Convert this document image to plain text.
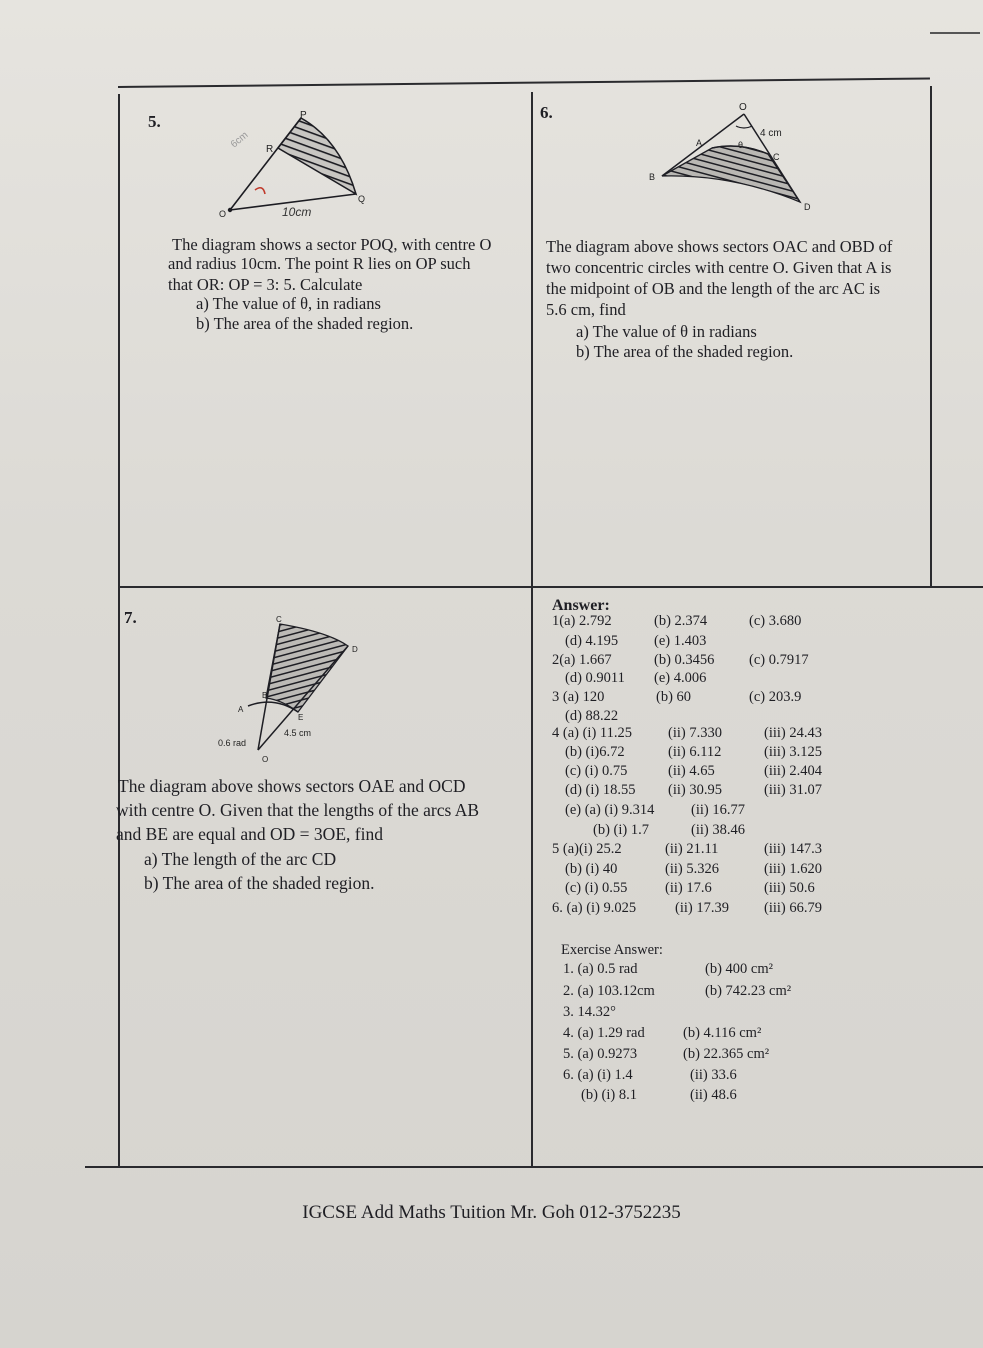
5.	P
R
O
Q
10cm
6cm
The diagram shows a sector POQ, with centre O
and radius 10cm. The point R lies on OP such
that OR: OP = 3: 5. Calculate
a) The value of θ, in radians
b) The area of the shaded region.
6.	O
4 cm
θ
A
C
B
D
The diagram above shows sectors OAC and OBD of
two concentric circles with centre O. Given that A is
the midpoint of OB and the length of the arc AC is
5.6 cm, find
a) The value of θ in radians
b) The area of the shaded region.
7.	C
D
B
A
E
O
0.6 rad
4.5 cm
The diagram above shows sectors OAE and OCD
with centre O. Given that the lengths of the arcs AB
and BE are equal and OD = 3OE, find
a) The length of the arc CD
b) The area of the shaded region.
Answer:
1(a) 2.792	(b) 2.374	(c) 3.680
(d) 4.195 (e) 1.403
2(a) 1.667	(b) 0.3456 (c) 0.7917
(d) 0.9011 (e) 4.006
3 (a) 120	(b) 60	(c) 203.9
(d) 88.22
4 (a) (i) 11.25 (ii) 7.330	(iii) 24.43
(b) (i)6.72	(ii) 6.112	(iii) 3.125
(c) (i) 0.75	(ii) 4.65	(iii) 2.404
(d) (i) 18.55 (ii) 30.95	(iii) 31.07
(e) (a) (i) 9.314	(ii) 16.77
(b) (i) 1.7	(ii) 38.46
5 (a)(i) 25.2	(ii) 21.11	(iii) 147.3
(b) (i) 40	(ii) 5.326	(iii) 1.620
(c) (i) 0.55	(ii) 17.6	(iii) 50.6
6. (a) (i) 9.025	(ii) 17.39 (iii) 66.79
Exercise Answer:
1. (a) 0.5 rad	(b) 400 cm²
2. (a) 103.12cm	(b) 742.23 cm²
3. 14.32°
4. (a) 1.29 rad	(b) 4.116 cm²
5. (a) 0.9273	(b) 22.365 cm²
6. (a) (i) 1.4	(ii) 33.6
(b) (i) 8.1	(ii) 48.6
IGCSE Add Maths Tuition Mr. Goh 012-3752235
